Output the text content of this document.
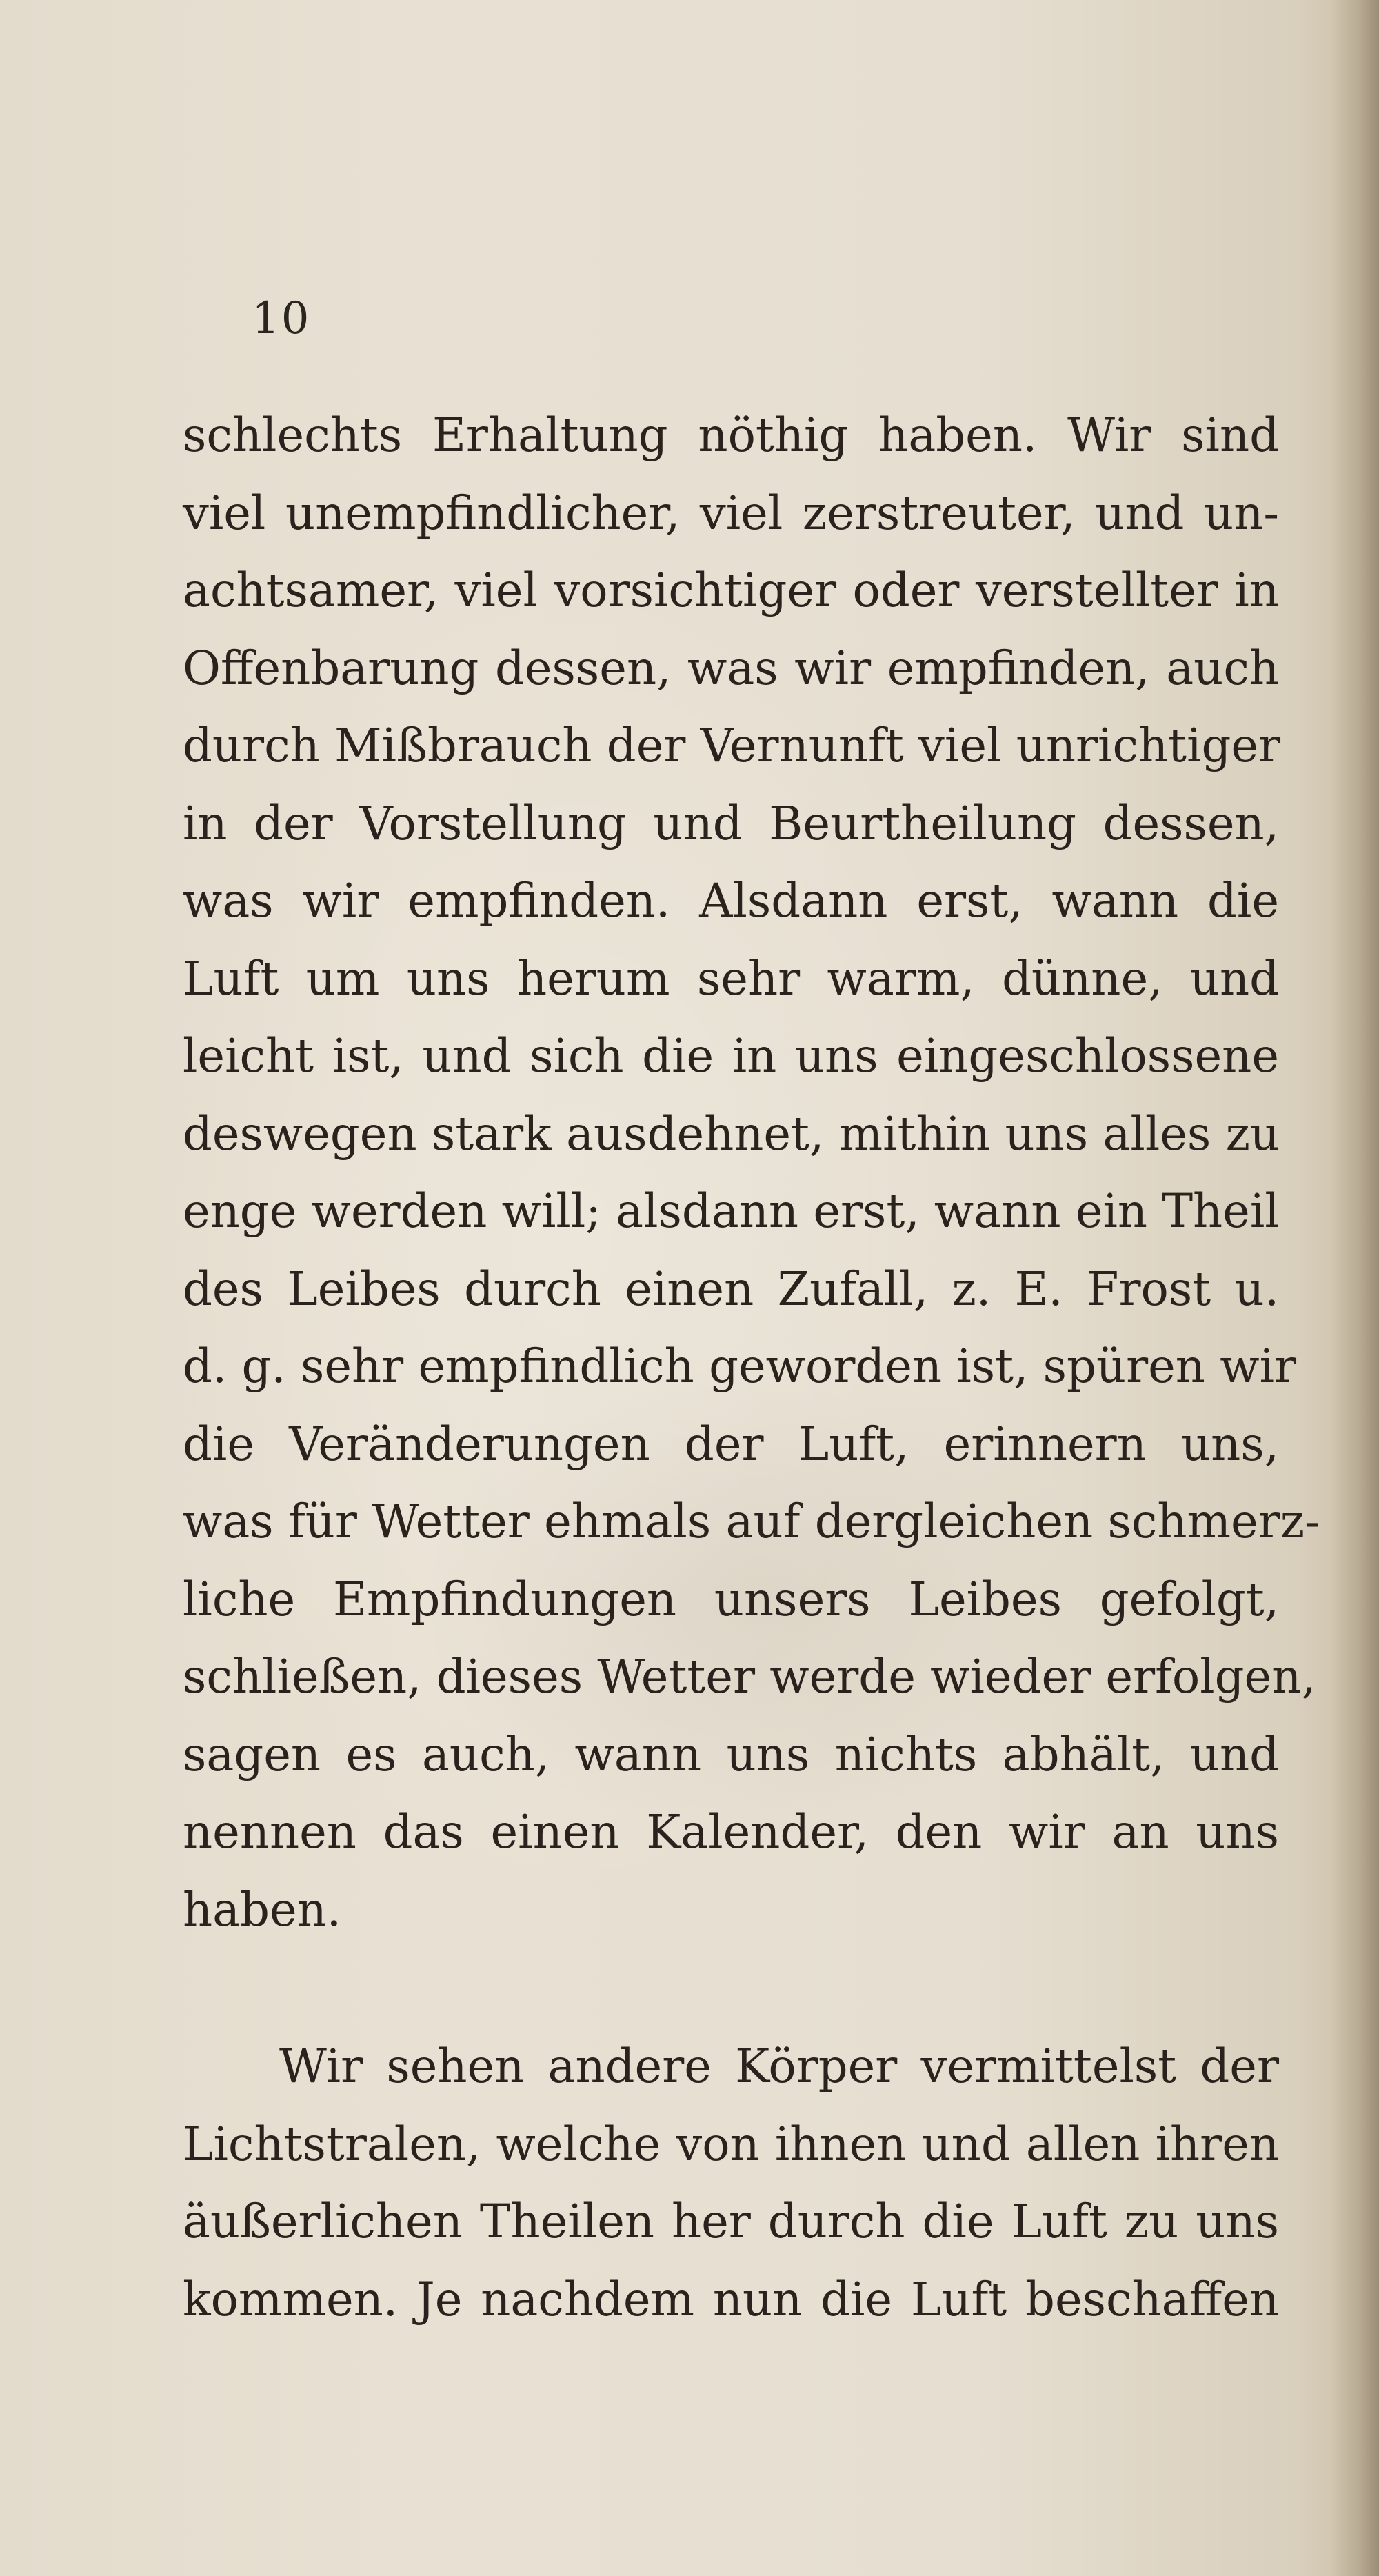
10
schlechts Erhaltung nöthig haben. Wir sind
viel unempfindlicher, viel zerstreuter, und un-
achtsamer, viel vorsichtiger oder verstellter in
Offenbarung dessen, was wir empfinden, auch
durch Mißbrauch der Vernunft viel unrichtiger
in der Vorstellung und Beurtheilung dessen,
was wir empfinden. Alsdann erst, wann die
Luft um uns herum sehr warm, dünne, und
leicht ist, und sich die in uns eingeschlossene
deswegen stark ausdehnet, mithin uns alles zu
enge werden will; alsdann erst, wann ein Theil
des Leibes durch einen Zufall, z. E. Frost u.
d. g. sehr empfindlich geworden ist, spüren wir
die Veränderungen der Luft, erinnern uns,
was für Wetter ehmals auf dergleichen schmerz-
liche Empfindungen unsers Leibes gefolgt,
schließen, dieses Wetter werde wieder erfolgen,
sagen es auch, wann uns nichts abhält, und
nennen das einen Kalender, den wir an uns
haben.
Wir sehen andere Körper vermittelst der
Lichtstralen, welche von ihnen und allen ihren
äußerlichen Theilen her durch die Luft zu uns
kommen. Je nachdem nun die Luft beschaffen
